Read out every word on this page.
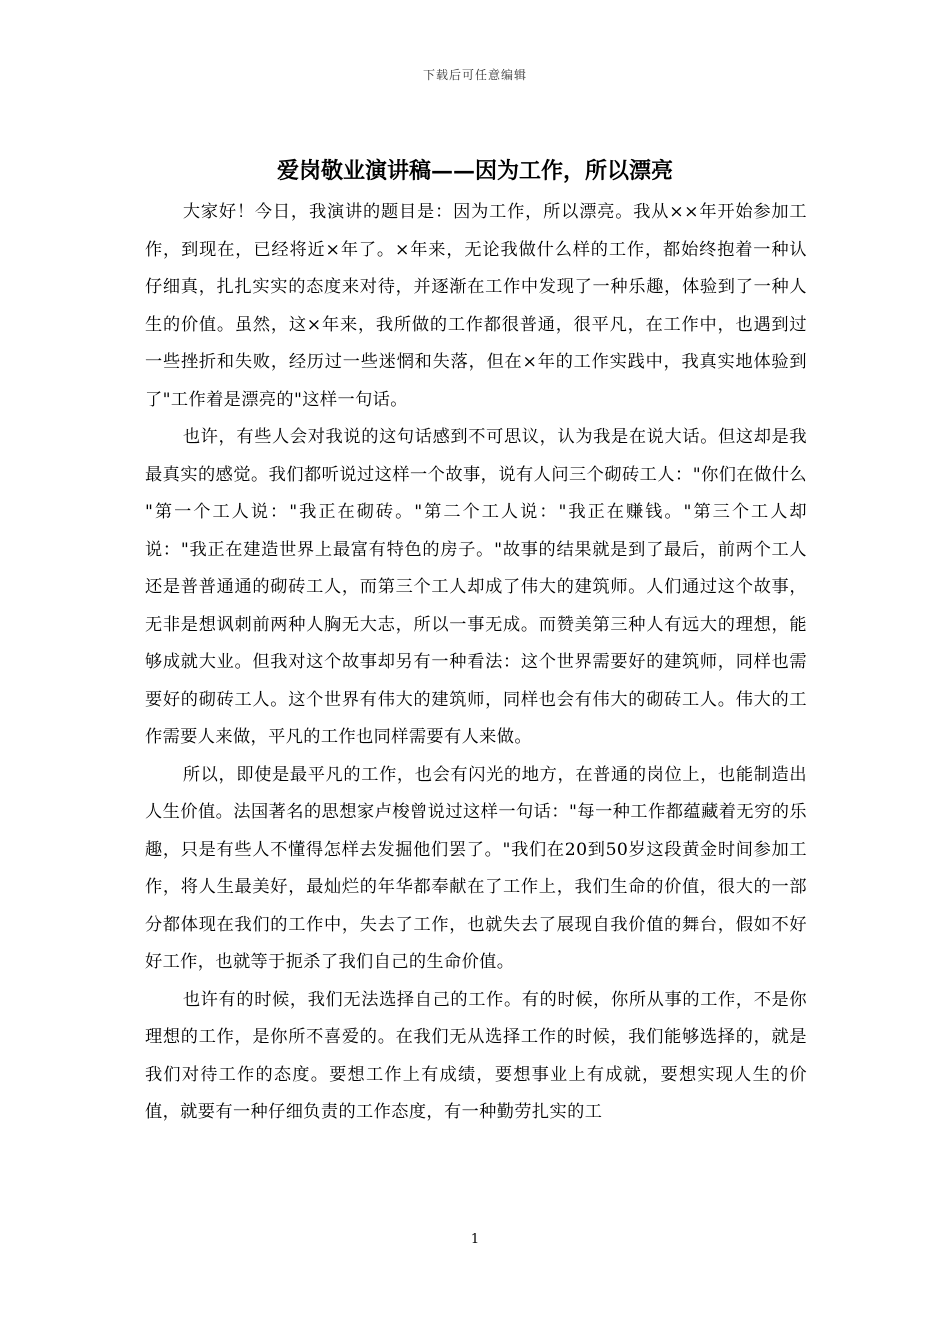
下载后可任意编辑
爱岗敬业演讲稿——因为工作，所以漂亮

大家好！今日，我演讲的题目是：因为工作，所以漂亮。我从××年开始参加工作，到现在，已经将近×年了。×年来，无论我做什么样的工作，都始终抱着一种认仔细真，扎扎实实的态度来对待，并逐渐在工作中发现了一种乐趣，体验到了一种人生的价值。虽然，这×年来，我所做的工作都很普通，很平凡，在工作中，也遇到过一些挫折和失败，经历过一些迷惘和失落，但在×年的工作实践中，我真实地体验到了"工作着是漂亮的"这样一句话。

也许，有些人会对我说的这句话感到不可思议，认为我是在说大话。但这却是我最真实的感觉。我们都听说过这样一个故事，说有人问三个砌砖工人："你们在做什么　　"第一个工人说："我正在砌砖。"第二个工人说："我正在赚钱。"第三个工人却说："我正在建造世界上最富有特色的房子。"故事的结果就是到了最后，前两个工人还是普普通通的砌砖工人，而第三个工人却成了伟大的建筑师。人们通过这个故事，无非是想讽刺前两种人胸无大志，所以一事无成。而赞美第三种人有远大的理想，能够成就大业。但我对这个故事却另有一种看法：这个世界需要好的建筑师，同样也需要好的砌砖工人。这个世界有伟大的建筑师，同样也会有伟大的砌砖工人。伟大的工作需要人来做，平凡的工作也同样需要有人来做。

所以，即使是最平凡的工作，也会有闪光的地方，在普通的岗位上，也能制造出人生价值。法国著名的思想家卢梭曾说过这样一句话："每一种工作都蕴藏着无穷的乐趣，只是有些人不懂得怎样去发掘他们罢了。"我们在20到50岁这段黄金时间参加工作，将人生最美好，最灿烂的年华都奉献在了工作上，我们生命的价值，很大的一部分都体现在我们的工作中，失去了工作，也就失去了展现自我价值的舞台，假如不好好工作，也就等于扼杀了我们自己的生命价值。

也许有的时候，我们无法选择自己的工作。有的时候，你所从事的工作，不是你理想的工作，是你所不喜爱的。在我们无从选择工作的时候，我们能够选择的，就是我们对待工作的态度。要想工作上有成绩，要想事业上有成就，要想实现人生的价值，就要有一种仔细负责的工作态度，有一种勤劳扎实的工

1
